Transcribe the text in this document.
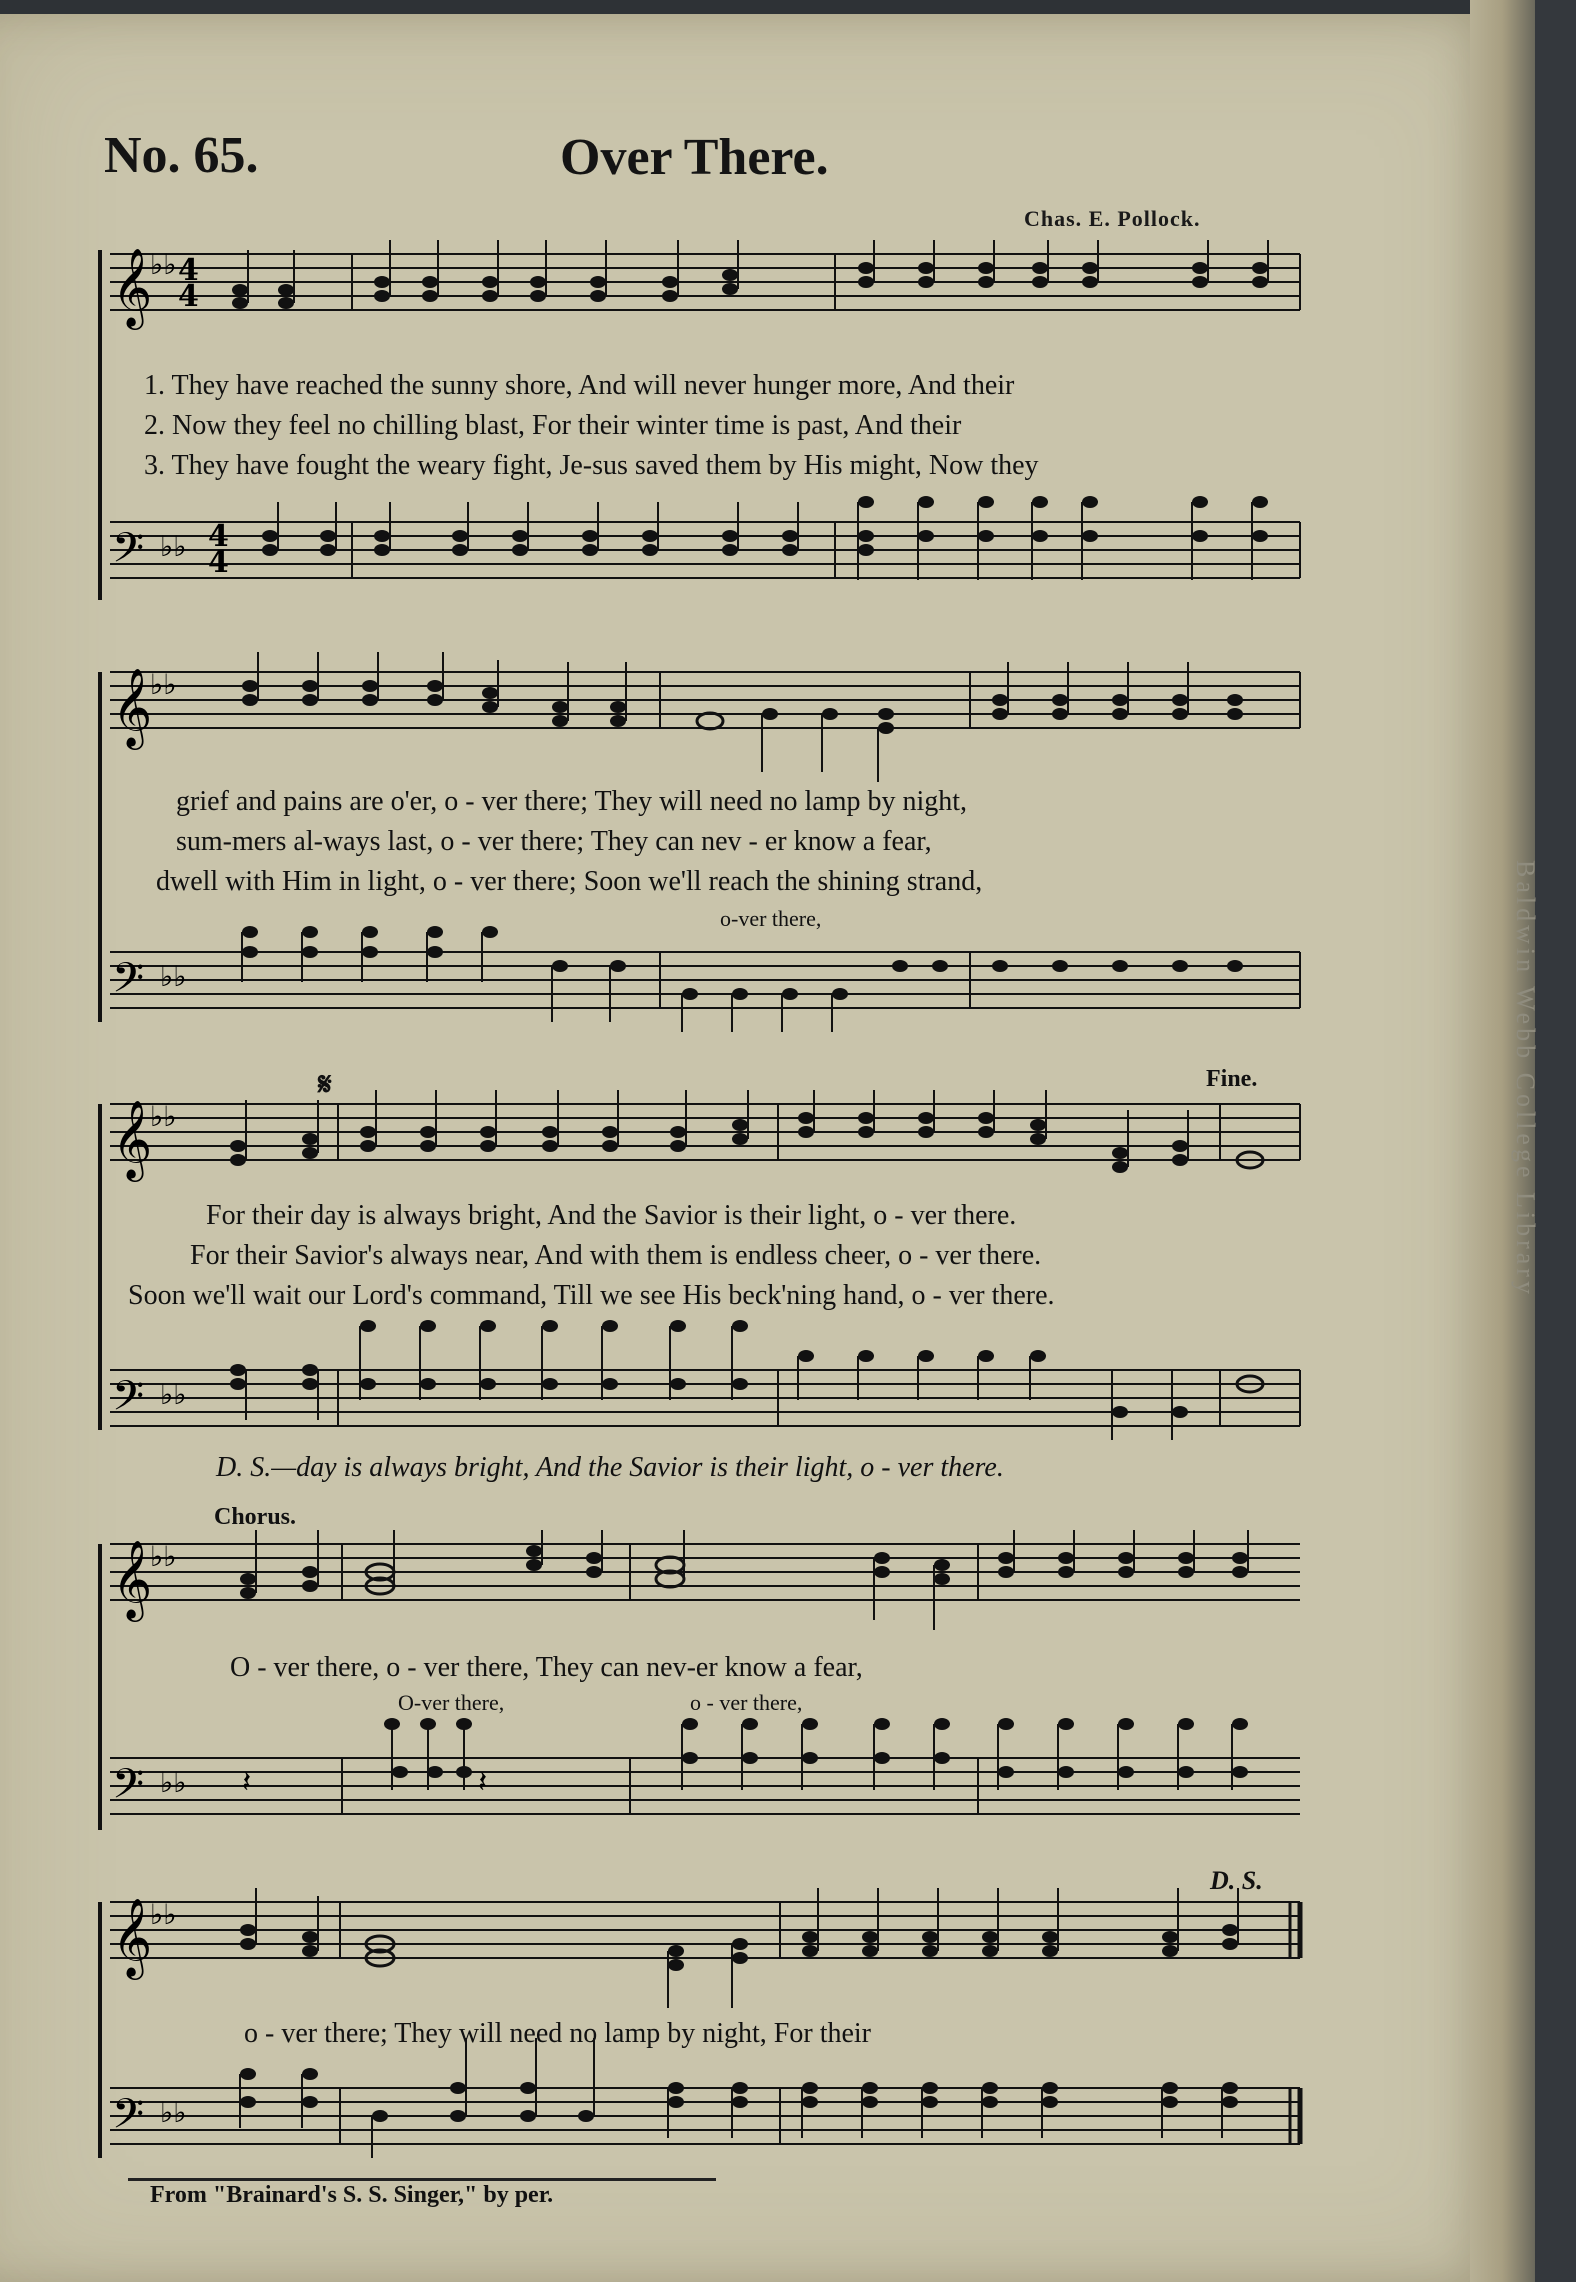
Baldwin Webb College Library
No. 65.	Over There.
Chas. E. Pollock.
𝄞
♭♭ 4
4
𝄢 ♭♭ 4
4
1. They have reached the sunny shore, And will never hunger more, And their
2. Now they feel no chilling blast, For their winter time is past, And their
3. They have fought the weary fight, Je-sus saved them by His might, Now they
𝄞
♭♭
𝄢 ♭♭
grief and pains are o'er, o - ver there; They will need no lamp by night,
sum-mers al-ways last, o - ver there; They can nev - er know a fear,
dwell with Him in light, o - ver there; Soon we'll reach the shining strand,
o-ver there,
𝄋	Fine.
𝄞
♭♭
𝄢 ♭♭
For their day is always bright, And the Savior is their light, o - ver there.
For their Savior's always near, And with them is endless cheer, o - ver there.
Soon we'll wait our Lord's command, Till we see His beck'ning hand, o - ver there.
D. S.—day is always bright, And the Savior is their light, o - ver there.
Chorus.
𝄞
♭♭
𝄢 ♭♭ 𝄽	𝄽
O - ver there, o - ver there, They can nev-er know a fear,
O-ver there,	o - ver there,
D. S.
𝄞
♭♭
𝄢 ♭♭
o - ver there; They will need no lamp by night, For their
From "Brainard's S. S. Singer," by per.
